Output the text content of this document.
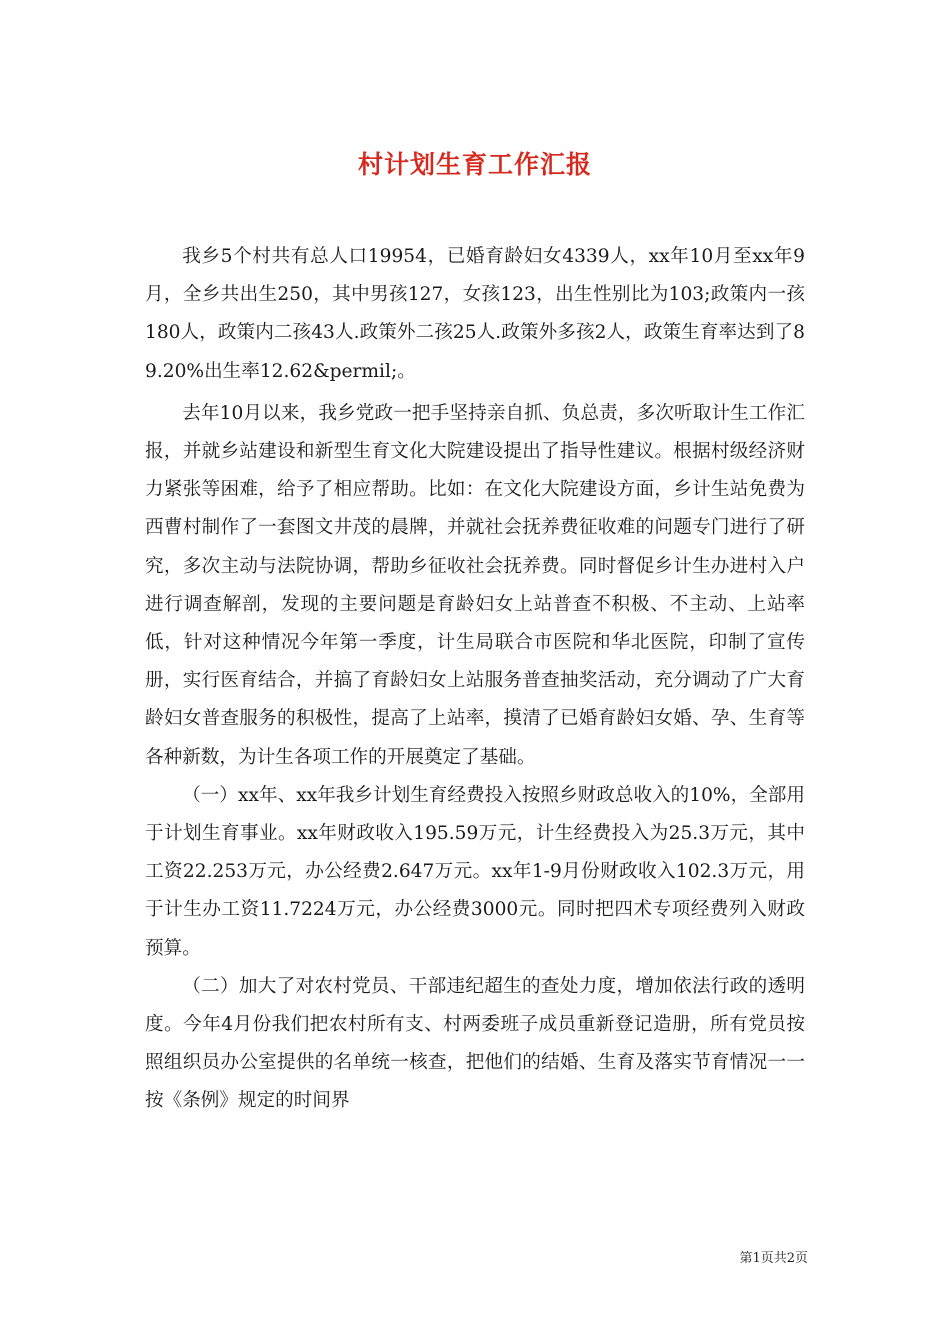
村计划生育工作汇报

我乡5个村共有总人口19954，已婚育龄妇女4339人，xx年10月至xx年9月，全乡共出生250，其中男孩127，女孩123，出生性别比为103;政策内一孩180人，政策内二孩43人.政策外二孩25人.政策外多孩2人，政策生育率达到了89.20%出生率12.62&permil;。

去年10月以来，我乡党政一把手坚持亲自抓、负总责，多次听取计生工作汇报，并就乡站建设和新型生育文化大院建设提出了指导性建议。根据村级经济财力紧张等困难，给予了相应帮助。比如：在文化大院建设方面，乡计生站免费为西曹村制作了一套图文井茂的晨牌，并就社会抚养费征收难的问题专门进行了研究，多次主动与法院协调，帮助乡征收社会抚养费。同时督促乡计生办进村入户进行调查解剖，发现的主要问题是育龄妇女上站普查不积极、不主动、上站率低，针对这种情况今年第一季度，计生局联合市医院和华北医院，印制了宣传册，实行医育结合，并搞了育龄妇女上站服务普查抽奖活动，充分调动了广大育龄妇女普查服务的积极性，提高了上站率，摸清了已婚育龄妇女婚、孕、生育等各种新数，为计生各项工作的开展奠定了基础。

（一）xx年、xx年我乡计划生育经费投入按照乡财政总收入的10%，全部用于计划生育事业。xx年财政收入195.59万元，计生经费投入为25.3万元，其中工资22.253万元，办公经费2.647万元。xx年1-9月份财政收入102.3万元，用于计生办工资11.7224万元，办公经费3000元。同时把四术专项经费列入财政预算。

（二）加大了对农村党员、干部违纪超生的查处力度，增加依法行政的透明度。今年4月份我们把农村所有支、村两委班子成员重新登记造册，所有党员按照组织员办公室提供的名单统一核查，把他们的结婚、生育及落实节育情况一一按《条例》规定的时间界

第1页共2页
